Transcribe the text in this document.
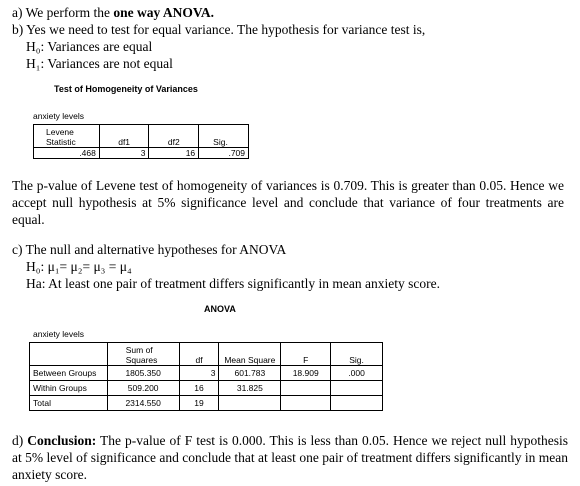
a) We perform the one way ANOVA.
b) Yes we need to test for equal variance. The hypothesis for variance test is,
H₀: Variances are equal
H₁: Variances are not equal
Test of Homogeneity of Variances
anxiety levels
Levene
Statistic	df1	df2	Sig.
.468	3	16	.709
The p-value of Levene test of homogeneity of variances is 0.709. This is greater than 0.05. Hence we accept null hypothesis at 5% significance level and conclude that variance of four treatments are equal.
c) The null and alternative hypotheses for ANOVA
H₀: μ₁= μ₂= μ₃ = μ₄
Ha: At least one pair of treatment differs significantly in mean anxiety score.
ANOVA
anxiety levels

	Sum of
Squares	df	Mean Square	F	Sig.
Between Groups	1805.350	3	601.783	18.909	.000
Within Groups	509.200	16	31.825		
Total	2314.550	19			
d) Conclusion: The p-value of F test is 0.000. This is less than 0.05. Hence we reject null hypothesis at 5% level of significance and conclude that at least one pair of treatment differs significantly in mean anxiety score.
